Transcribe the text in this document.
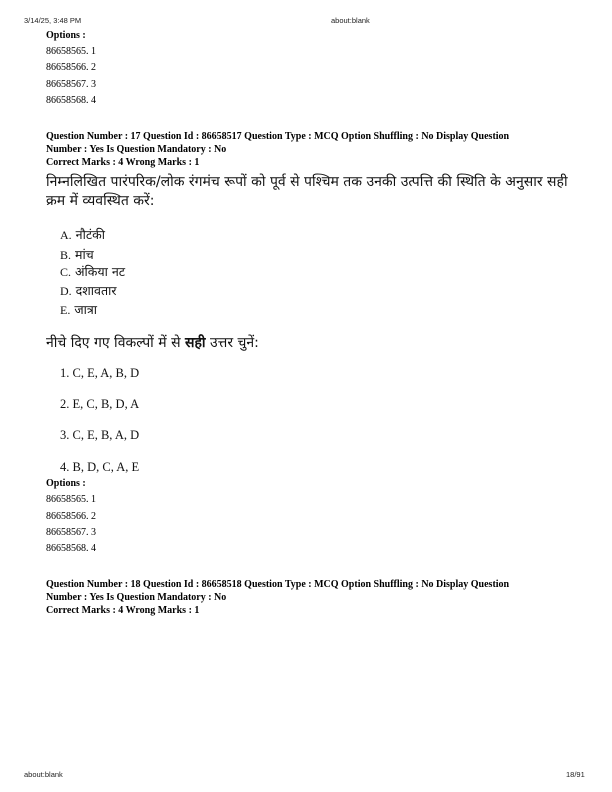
3/14/25, 3:48 PM	about:blank
Options :
86658565. 1
86658566. 2
86658567. 3
86658568. 4
Question Number : 17 Question Id : 86658517 Question Type : MCQ Option Shuffling : No Display Question
Number : Yes Is Question Mandatory : No
Correct Marks : 4 Wrong Marks : 1
निम्नलिखित पारंपरिक/लोक रंगमंच रूपों को पूर्व से पश्चिम तक उनकी उत्पत्ति की स्थिति के अनुसार सही क्रम में व्यवस्थित करें:
A. नौटंकी
B. मांच
C. अंकिया नट
D. दशावतार
E. जात्रा
नीचे दिए गए विकल्पों में से सही उत्तर चुनें:
1. C, E, A, B, D
2. E, C, B, D, A
3. C, E, B, A, D
4. B, D, C, A, E
Options :
86658565. 1
86658566. 2
86658567. 3
86658568. 4
Question Number : 18 Question Id : 86658518 Question Type : MCQ Option Shuffling : No Display Question
Number : Yes Is Question Mandatory : No
Correct Marks : 4 Wrong Marks : 1
about:blank	18/91
